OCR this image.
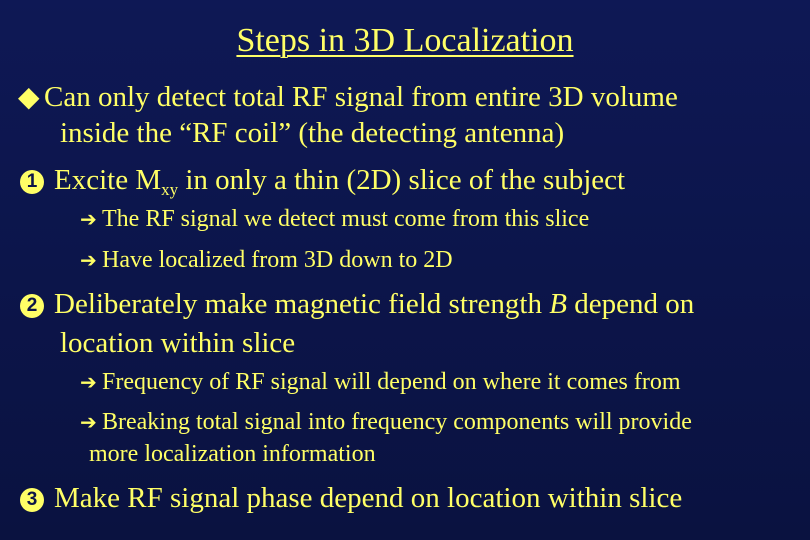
Steps in 3D Localization
◆ Can only detect total RF signal from entire 3D volume
inside the “RF coil” (the detecting antenna)
1 Excite $M_{xy}$ in only a thin (2D) slice of the subject
➔ The RF signal we detect must come from this slice
➔ Have localized from 3D down to 2D
2 Deliberately make magnetic field strength B depend on
location within slice
➔ Frequency of RF signal will depend on where it comes from
➔ Breaking total signal into frequency components will provide
more localization information
3 Make RF signal phase depend on location within slice
